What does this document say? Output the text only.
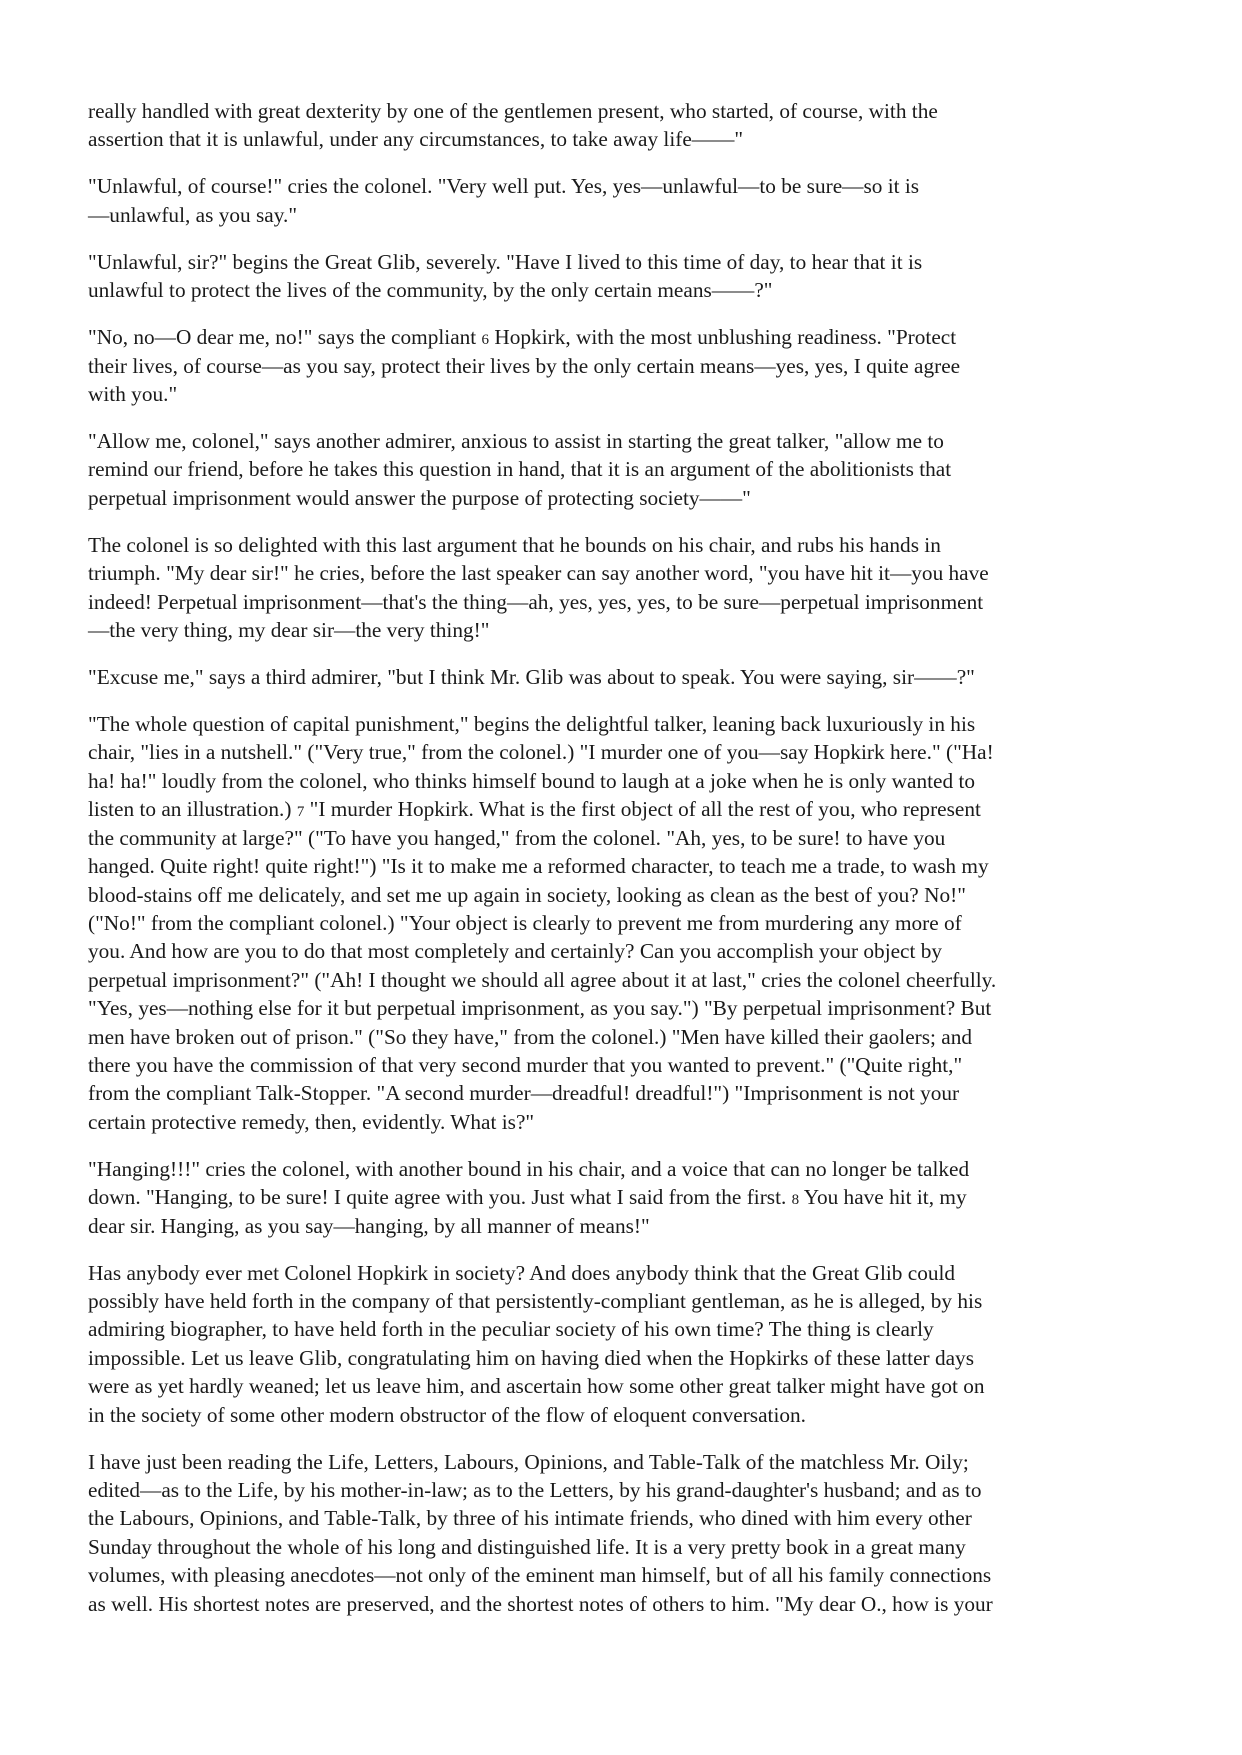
really handled with great dexterity by one of the gentlemen present, who started, of course, with the
assertion that it is unlawful, under any circumstances, to take away life——"
"Unlawful, of course!" cries the colonel. "Very well put. Yes, yes—unlawful—to be sure—so it is
—unlawful, as you say."
"Unlawful, sir?" begins the Great Glib, severely. "Have I lived to this time of day, to hear that it is
unlawful to protect the lives of the community, by the only certain means——?"
"No, no—O dear me, no!" says the compliant 6 Hopkirk, with the most unblushing readiness. "Protect
their lives, of course—as you say, protect their lives by the only certain means—yes, yes, I quite agree
with you."
"Allow me, colonel," says another admirer, anxious to assist in starting the great talker, "allow me to
remind our friend, before he takes this question in hand, that it is an argument of the abolitionists that
perpetual imprisonment would answer the purpose of protecting society——"
The colonel is so delighted with this last argument that he bounds on his chair, and rubs his hands in
triumph. "My dear sir!" he cries, before the last speaker can say another word, "you have hit it—you have
indeed! Perpetual imprisonment—that's the thing—ah, yes, yes, yes, to be sure—perpetual imprisonment
—the very thing, my dear sir—the very thing!"
"Excuse me," says a third admirer, "but I think Mr. Glib was about to speak. You were saying, sir——?"
"The whole question of capital punishment," begins the delightful talker, leaning back luxuriously in his
chair, "lies in a nutshell." ("Very true," from the colonel.) "I murder one of you—say Hopkirk here." ("Ha!
ha! ha!" loudly from the colonel, who thinks himself bound to laugh at a joke when he is only wanted to
listen to an illustration.) 7 "I murder Hopkirk. What is the first object of all the rest of you, who represent
the community at large?" ("To have you hanged," from the colonel. "Ah, yes, to be sure! to have you
hanged. Quite right! quite right!") "Is it to make me a reformed character, to teach me a trade, to wash my
blood-stains off me delicately, and set me up again in society, looking as clean as the best of you? No!"
("No!" from the compliant colonel.) "Your object is clearly to prevent me from murdering any more of
you. And how are you to do that most completely and certainly? Can you accomplish your object by
perpetual imprisonment?" ("Ah! I thought we should all agree about it at last," cries the colonel cheerfully.
"Yes, yes—nothing else for it but perpetual imprisonment, as you say.") "By perpetual imprisonment? But
men have broken out of prison." ("So they have," from the colonel.) "Men have killed their gaolers; and
there you have the commission of that very second murder that you wanted to prevent." ("Quite right,"
from the compliant Talk-Stopper. "A second murder—dreadful! dreadful!") "Imprisonment is not your
certain protective remedy, then, evidently. What is?"
"Hanging!!!" cries the colonel, with another bound in his chair, and a voice that can no longer be talked
down. "Hanging, to be sure! I quite agree with you. Just what I said from the first. 8 You have hit it, my
dear sir. Hanging, as you say—hanging, by all manner of means!"
Has anybody ever met Colonel Hopkirk in society? And does anybody think that the Great Glib could
possibly have held forth in the company of that persistently-compliant gentleman, as he is alleged, by his
admiring biographer, to have held forth in the peculiar society of his own time? The thing is clearly
impossible. Let us leave Glib, congratulating him on having died when the Hopkirks of these latter days
were as yet hardly weaned; let us leave him, and ascertain how some other great talker might have got on
in the society of some other modern obstructor of the flow of eloquent conversation.
I have just been reading the Life, Letters, Labours, Opinions, and Table-Talk of the matchless Mr. Oily;
edited—as to the Life, by his mother-in-law; as to the Letters, by his grand-daughter's husband; and as to
the Labours, Opinions, and Table-Talk, by three of his intimate friends, who dined with him every other
Sunday throughout the whole of his long and distinguished life. It is a very pretty book in a great many
volumes, with pleasing anecdotes—not only of the eminent man himself, but of all his family connections
as well. His shortest notes are preserved, and the shortest notes of others to him. "My dear O., how is your
